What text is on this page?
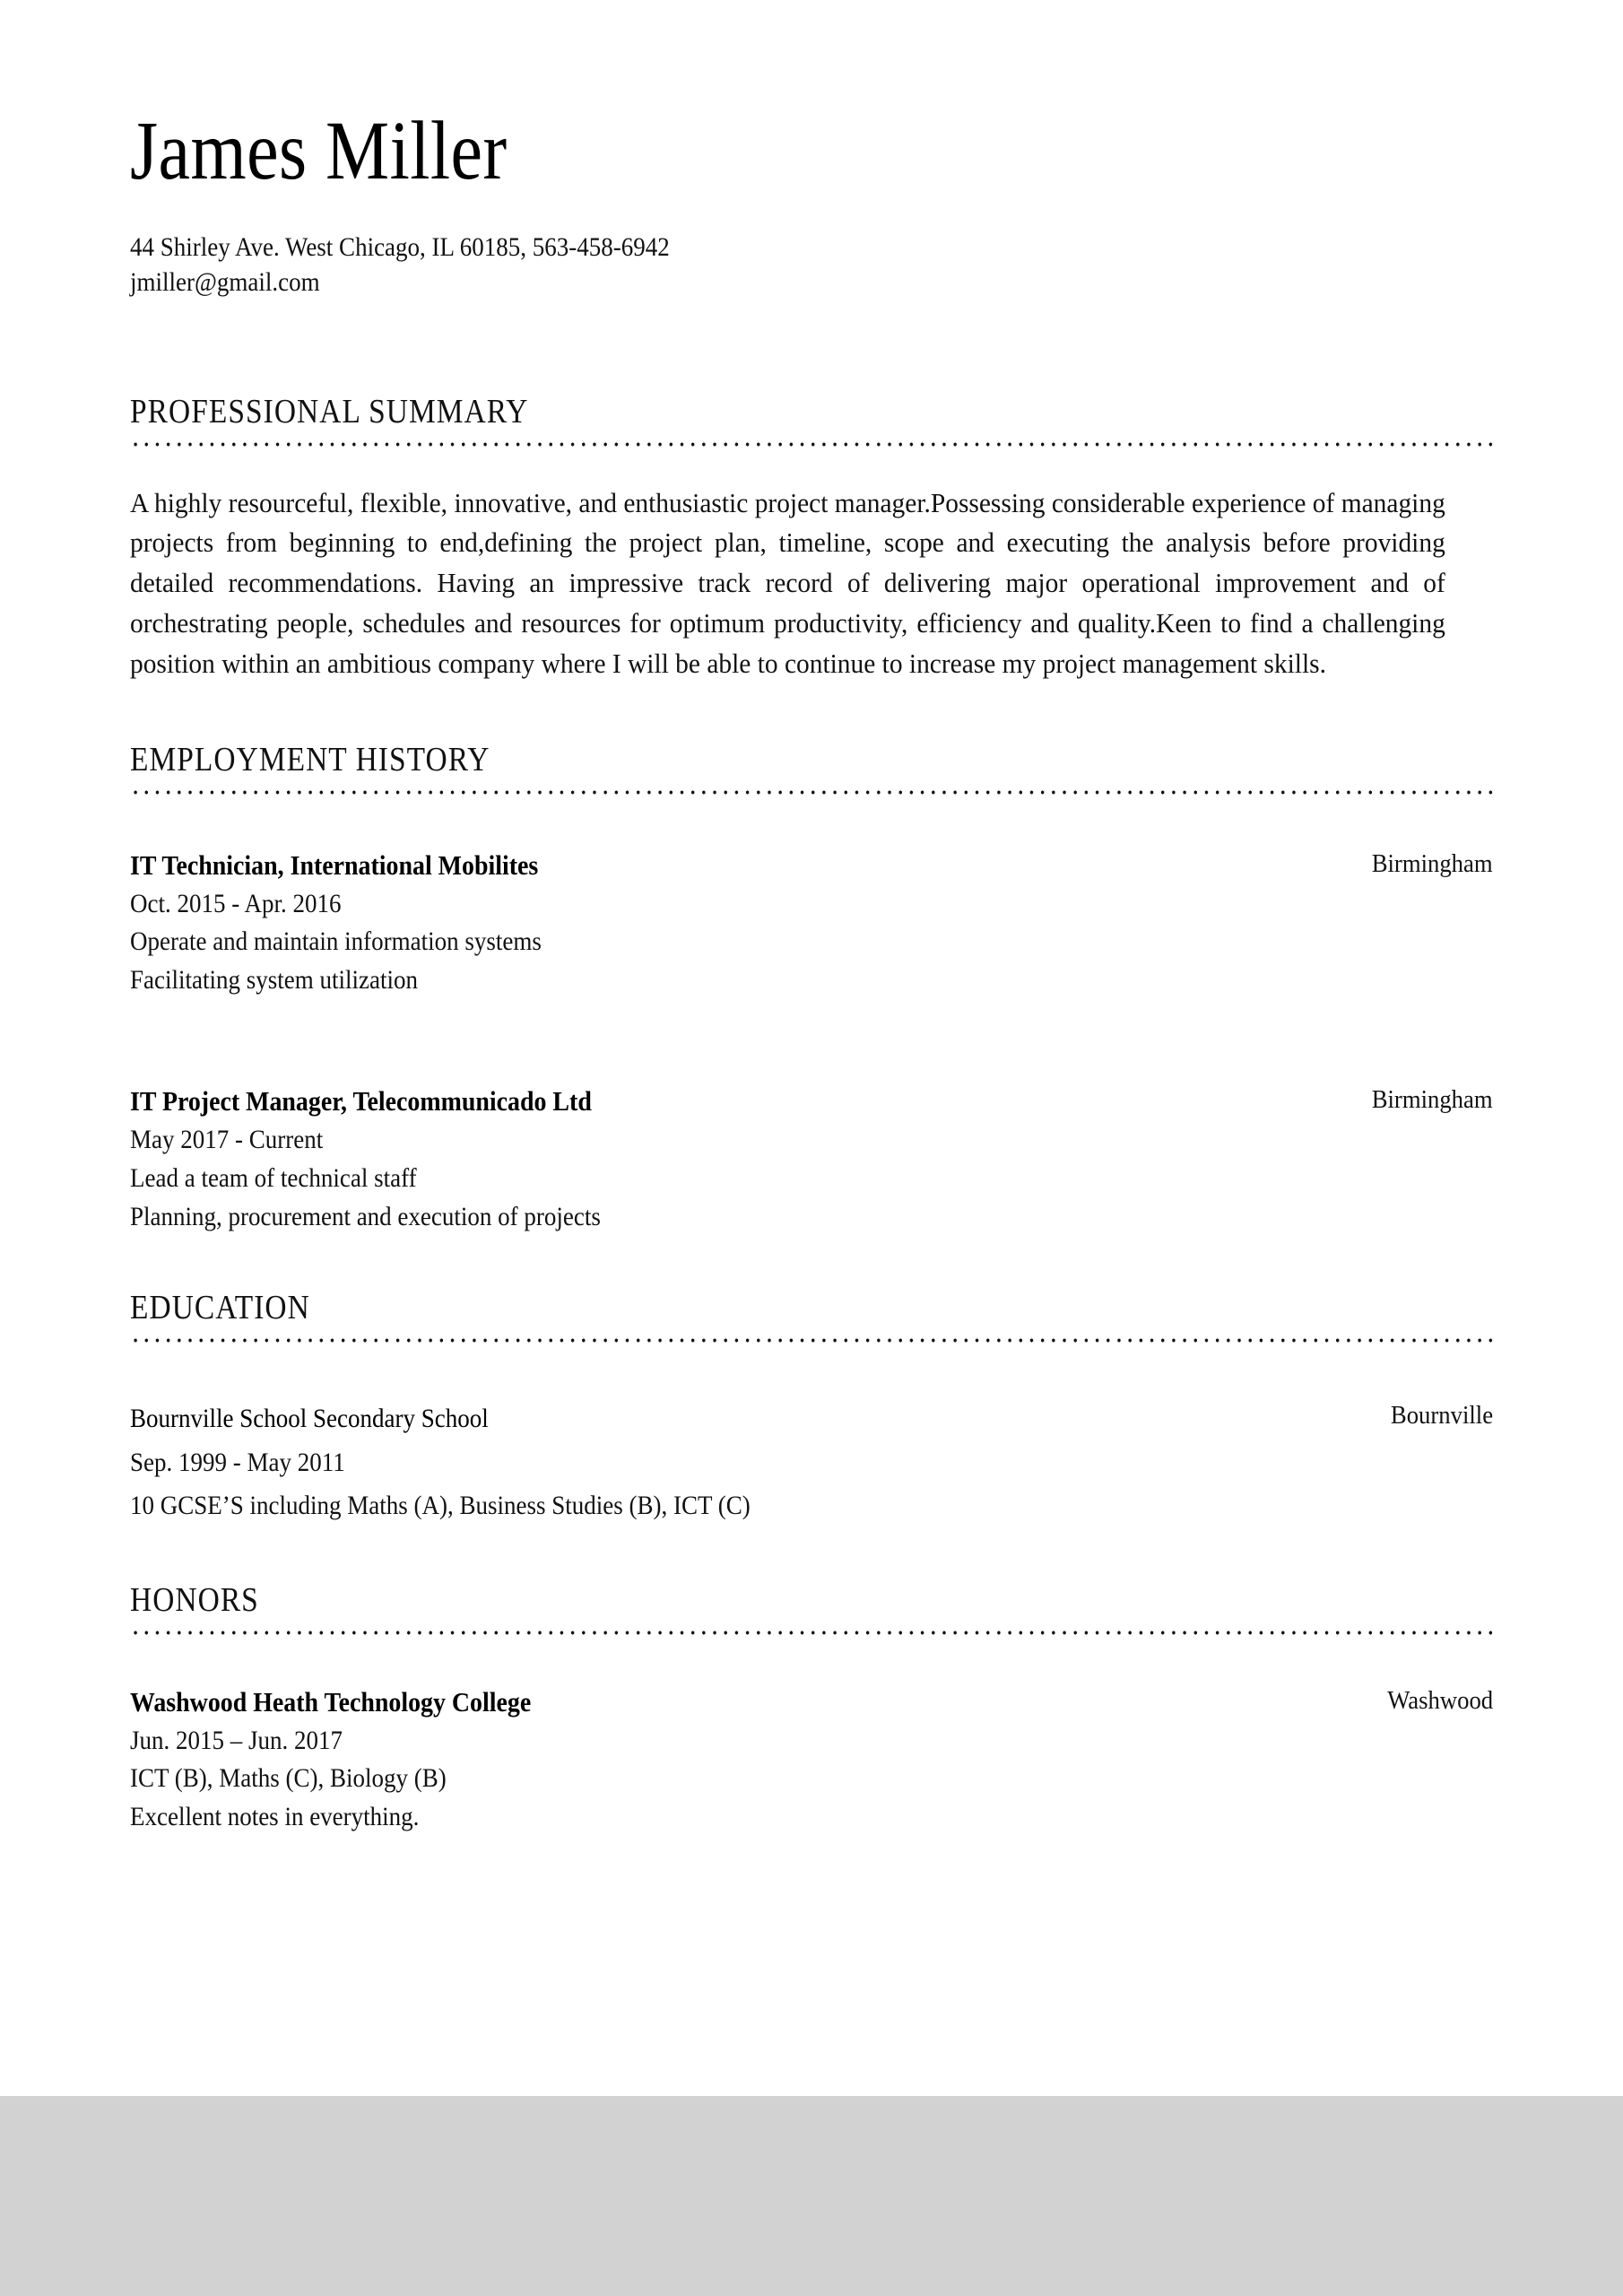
James Miller
44 Shirley Ave. West Chicago, IL 60185, 563-458-6942
jmiller@gmail.com
PROFESSIONAL SUMMARY

A highly resourceful, flexible, innovative, and enthusiastic project manager.Possessing considerable experience of managing projects from beginning to end,defining the project plan, timeline, scope and executing the analysis before providing detailed recommendations. Having an impressive track record of delivering major operational improvement and of orchestrating people, schedules and resources for optimum productivity, efficiency and quality.Keen to find a challenging position within an ambitious company where I will be able to continue to increase my project management skills.

EMPLOYMENT HISTORY
IT Technician, International Mobilites	Birmingham
Oct. 2015 - Apr. 2016
Operate and maintain information systems
Facilitating system utilization
IT Project Manager, Telecommunicado Ltd	Birmingham
May 2017 - Current
Lead a team of technical staff
Planning, procurement and execution of projects
EDUCATION
Bournville School Secondary School	Bournville
Sep. 1999 - May 2011
10 GCSE’S including Maths (A), Business Studies (B), ICT (C)
HONORS
Washwood Heath Technology College	Washwood
Jun. 2015 – Jun. 2017
ICT (B), Maths (C), Biology (B)
Excellent notes in everything.
